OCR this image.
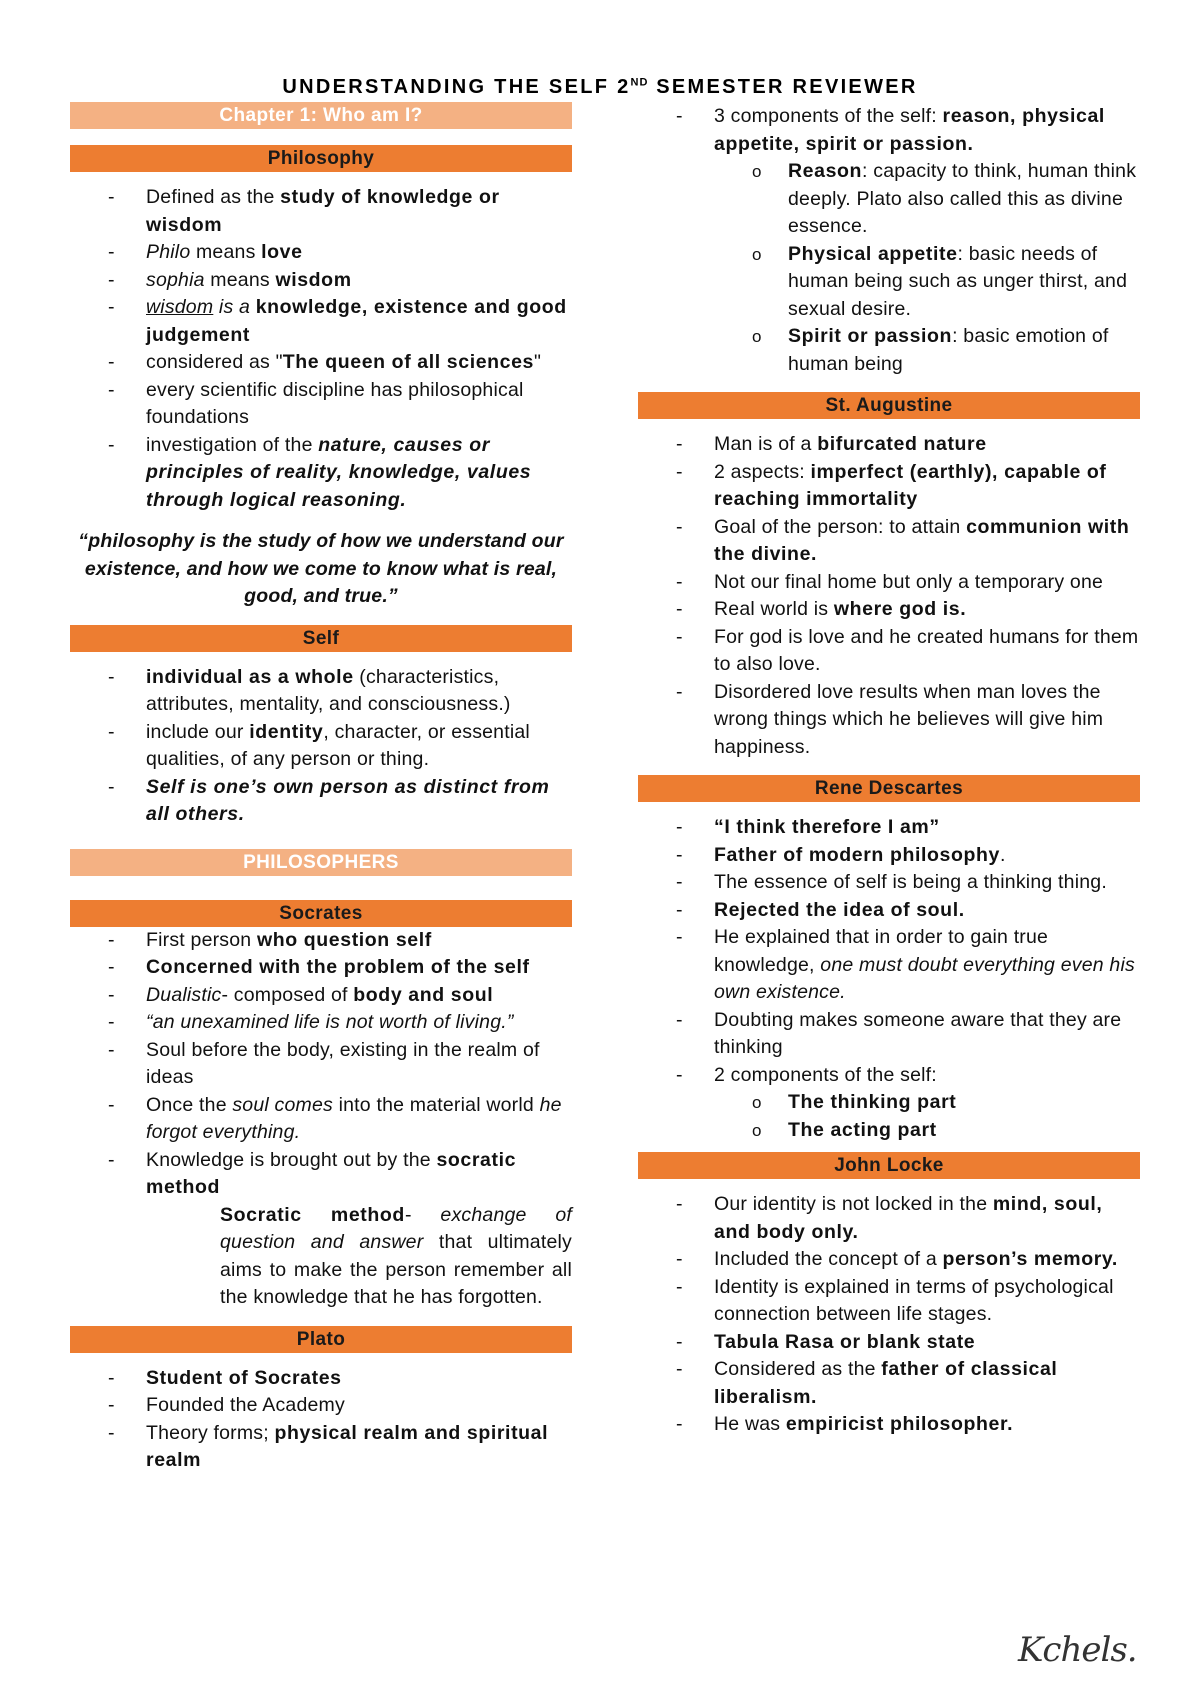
UNDERSTANDING THE SELF 2ND SEMESTER REVIEWER
Chapter 1: Who am I?
Philosophy
- Defined as the study of knowledge or wisdom
- Philo means love
- sophia means wisdom
- wisdom is a knowledge, existence and good judgement
- considered as "The queen of all sciences"
- every scientific discipline has philosophical foundations
- investigation of the nature, causes or principles of reality, knowledge, values through logical reasoning.
“philosophy is the study of how we understand our existence, and how we come to know what is real, good, and true.”
Self
- individual as a whole (characteristics, attributes, mentality, and consciousness.)
- include our identity, character, or essential qualities, of any person or thing.
- Self is one’s own person as distinct from all others.
PHILOSOPHERS
Socrates
- First person who question self
- Concerned with the problem of the self
- Dualistic- composed of body and soul
- “an unexamined life is not worth of living.”
- Soul before the body, existing in the realm of ideas
- Once the soul comes into the material world he forgot everything.
- Knowledge is brought out by the socratic method
Socratic method- exchange of question and answer that ultimately aims to make the person remember all the knowledge that he has forgotten.
Plato
- Student of Socrates
- Founded the Academy
- Theory forms; physical realm and spiritual realm
- 3 components of the self: reason, physical appetite, spirit or passion.
o Reason: capacity to think, human think deeply. Plato also called this as divine essence.
o Physical appetite: basic needs of human being such as unger thirst, and sexual desire.
o Spirit or passion: basic emotion of human being
St. Augustine
- Man is of a bifurcated nature
- 2 aspects: imperfect (earthly), capable of reaching immortality
- Goal of the person: to attain communion with the divine.
- Not our final home but only a temporary one
- Real world is where god is.
- For god is love and he created humans for them to also love.
- Disordered love results when man loves the wrong things which he believes will give him happiness.
Rene Descartes
- “I think therefore I am”
- Father of modern philosophy.
- The essence of self is being a thinking thing.
- Rejected the idea of soul.
- He explained that in order to gain true knowledge, one must doubt everything even his own existence.
- Doubting makes someone aware that they are thinking
- 2 components of the self:
o The thinking part
o The acting part
John Locke
- Our identity is not locked in the mind, soul, and body only.
- Included the concept of a person’s memory.
- Identity is explained in terms of psychological connection between life stages.
- Tabula Rasa or blank state
- Considered as the father of classical liberalism.
- He was empiricist philosopher.
Kchels.
